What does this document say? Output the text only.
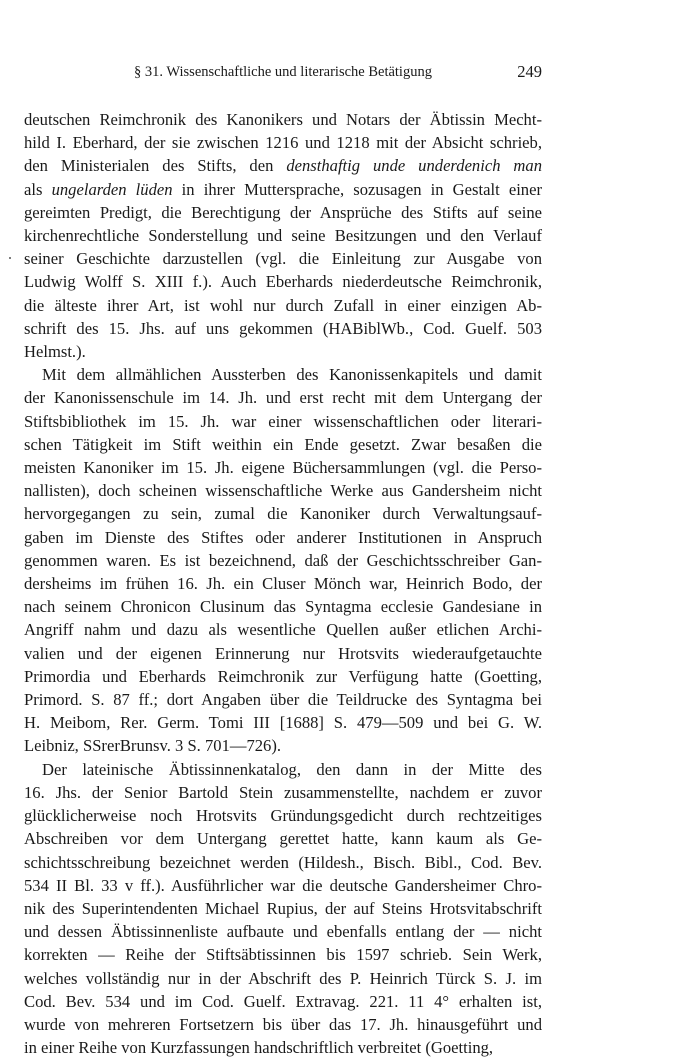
§ 31. Wissenschaftliche und literarische Betätigung	249

deutschen Reimchronik des Kanonikers und Notars der Äbtissin Mecht-
hild I. Eberhard, der sie zwischen 1216 und 1218 mit der Absicht schrieb,
den Ministerialen des Stifts, den densthaftig unde underdenich man
als ungelarden lüden in ihrer Muttersprache, sozusagen in Gestalt einer
gereimten Predigt, die Berechtigung der Ansprüche des Stifts auf seine
kirchenrechtliche Sonderstellung und seine Besitzungen und den Verlauf
seiner Geschichte darzustellen (vgl. die Einleitung zur Ausgabe von
Ludwig Wolff S. XIII f.). Auch Eberhards niederdeutsche Reimchronik,
die älteste ihrer Art, ist wohl nur durch Zufall in einer einzigen Ab-
schrift des 15. Jhs. auf uns gekommen (HABiblWb., Cod. Guelf. 503
Helmst.).

Mit dem allmählichen Aussterben des Kanonissenkapitels und damit
der Kanonissenschule im 14. Jh. und erst recht mit dem Untergang der
Stiftsbibliothek im 15. Jh. war einer wissenschaftlichen oder literari-
schen Tätigkeit im Stift weithin ein Ende gesetzt. Zwar besaßen die
meisten Kanoniker im 15. Jh. eigene Büchersammlungen (vgl. die Perso-
nallisten), doch scheinen wissenschaftliche Werke aus Gandersheim nicht
hervorgegangen zu sein, zumal die Kanoniker durch Verwaltungsauf-
gaben im Dienste des Stiftes oder anderer Institutionen in Anspruch
genommen waren. Es ist bezeichnend, daß der Geschichtsschreiber Gan-
dersheims im frühen 16. Jh. ein Cluser Mönch war, Heinrich Bodo, der
nach seinem Chronicon Clusinum das Syntagma ecclesie Gandesiane in
Angriff nahm und dazu als wesentliche Quellen außer etlichen Archi-
valien und der eigenen Erinnerung nur Hrotsvits wiederaufgetauchte
Primordia und Eberhards Reimchronik zur Verfügung hatte (Goetting,
Primord. S. 87 ff.; dort Angaben über die Teildrucke des Syntagma bei
H. Meibom, Rer. Germ. Tomi III [1688] S. 479—509 und bei G. W.
Leibniz, SSrerBrunsv. 3 S. 701—726).

Der lateinische Äbtissinnenkatalog, den dann in der Mitte des
16. Jhs. der Senior Bartold Stein zusammenstellte, nachdem er zuvor
glücklicherweise noch Hrotsvits Gründungsgedicht durch rechtzeitiges
Abschreiben vor dem Untergang gerettet hatte, kann kaum als Ge-
schichtsschreibung bezeichnet werden (Hildesh., Bisch. Bibl., Cod. Bev.
534 II Bl. 33 v ff.). Ausführlicher war die deutsche Gandersheimer Chro-
nik des Superintendenten Michael Rupius, der auf Steins Hrotsvitabschrift
und dessen Äbtissinnenliste aufbaute und ebenfalls entlang der — nicht
korrekten — Reihe der Stiftsäbtissinnen bis 1597 schrieb. Sein Werk,
welches vollständig nur in der Abschrift des P. Heinrich Türck S. J. im
Cod. Bev. 534 und im Cod. Guelf. Extravag. 221. 11 4° erhalten ist,
wurde von mehreren Fortsetzern bis über das 17. Jh. hinausgeführt und
in einer Reihe von Kurzfassungen handschriftlich verbreitet (Goetting,
